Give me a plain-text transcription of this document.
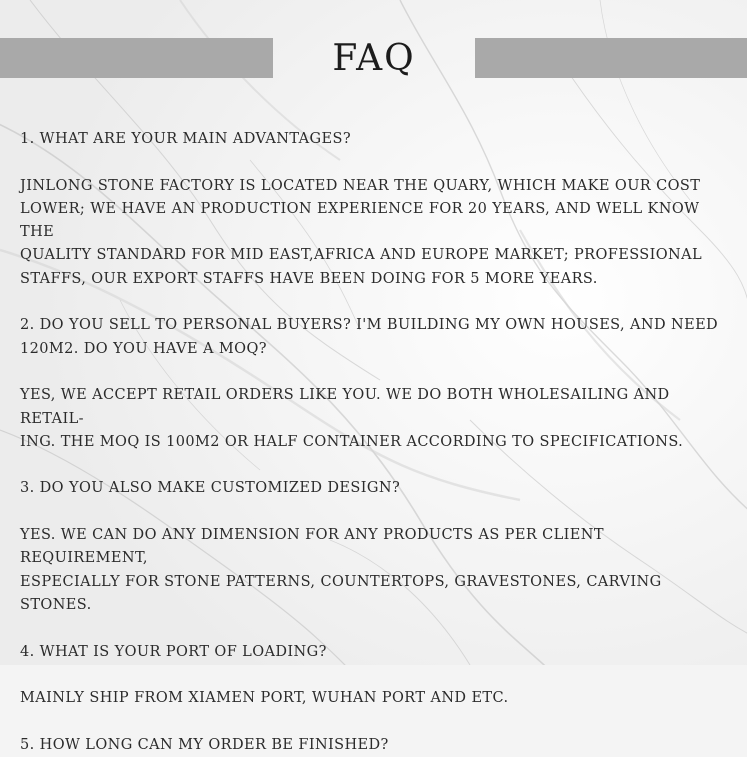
FAQ

1. WHAT ARE YOUR MAIN ADVANTAGES?

JINLONG STONE FACTORY IS LOCATED NEAR THE QUARY, WHICH MAKE OUR COST
LOWER; WE HAVE AN PRODUCTION EXPERIENCE FOR 20 YEARS, AND WELL KNOW THE
QUALITY STANDARD FOR MID EAST,AFRICA AND EUROPE MARKET; PROFESSIONAL
STAFFS, OUR EXPORT STAFFS HAVE BEEN DOING FOR 5 MORE YEARS.

2. DO YOU SELL TO PERSONAL BUYERS? I'M BUILDING MY OWN HOUSES, AND NEED
120M2. DO YOU HAVE A MOQ?

YES, WE ACCEPT RETAIL ORDERS LIKE YOU. WE DO BOTH WHOLESAILING AND RETAIL-
ING. THE MOQ IS 100M2 OR HALF CONTAINER ACCORDING TO SPECIFICATIONS.

3. DO YOU ALSO MAKE CUSTOMIZED DESIGN?

YES. WE CAN DO ANY DIMENSION FOR ANY PRODUCTS AS PER CLIENT REQUIREMENT,
ESPECIALLY FOR STONE PATTERNS, COUNTERTOPS, GRAVESTONES, CARVING STONES.

4. WHAT IS YOUR PORT OF LOADING?

MAINLY SHIP FROM XIAMEN PORT, WUHAN PORT AND ETC.

5. HOW LONG CAN MY ORDER BE FINISHED?
